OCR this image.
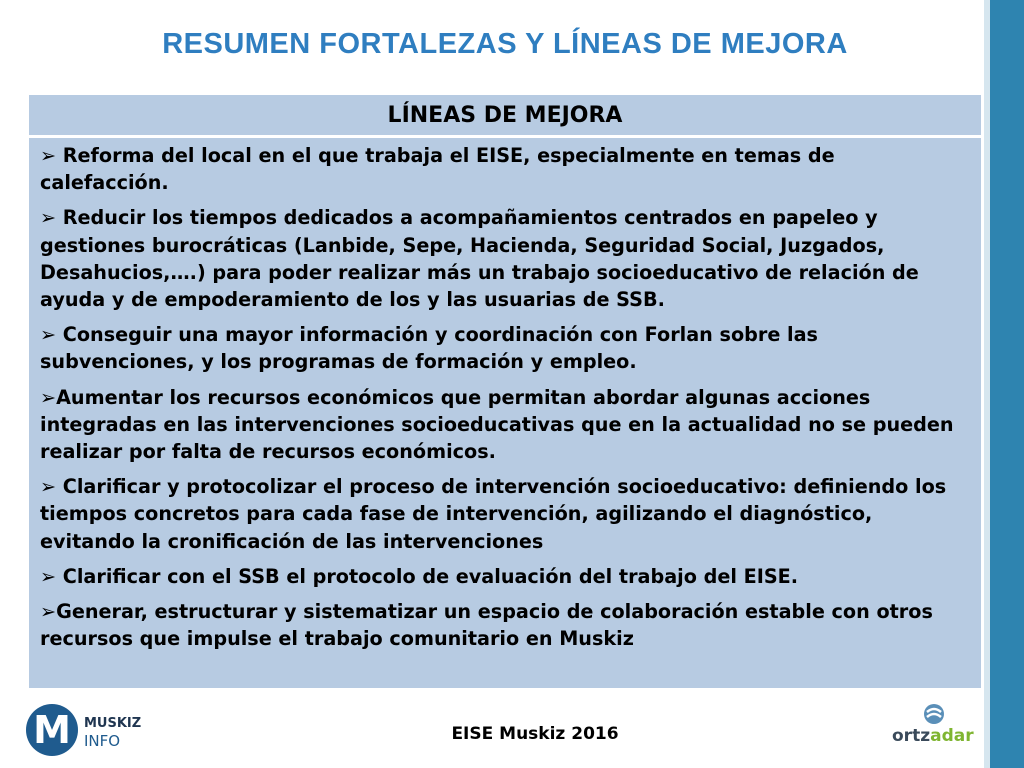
RESUMEN FORTALEZAS Y LÍNEAS DE MEJORA
LÍNEAS DE MEJORA
➢ Reforma del local en el que trabaja el EISE, especialmente en temas de calefacción.
➢ Reducir los tiempos dedicados a acompañamientos centrados en papeleo y gestiones burocráticas (Lanbide, Sepe, Hacienda, Seguridad Social, Juzgados, Desahucios,….) para poder realizar más un trabajo socioeducativo de relación de ayuda y de empoderamiento de los y las usuarias de SSB.
➢ Conseguir una mayor información y coordinación con Forlan sobre las subvenciones, y los programas de formación y empleo.
➢Aumentar los recursos económicos que permitan abordar algunas acciones integradas en las intervenciones socioeducativas que en la actualidad no se pueden realizar por falta de recursos económicos.
➢ Clarificar y protocolizar el proceso de intervención socioeducativo: definiendo los tiempos concretos para cada fase de intervención, agilizando el diagnóstico, evitando la cronificación de las intervenciones
➢ Clarificar con el SSB el protocolo de evaluación del trabajo del EISE.
➢Generar, estructurar y sistematizar un espacio de colaboración estable con otros recursos que impulse el trabajo comunitario en Muskiz
M	MUSKIZ
INFO	EISE Muskiz 2016	ortzadar
